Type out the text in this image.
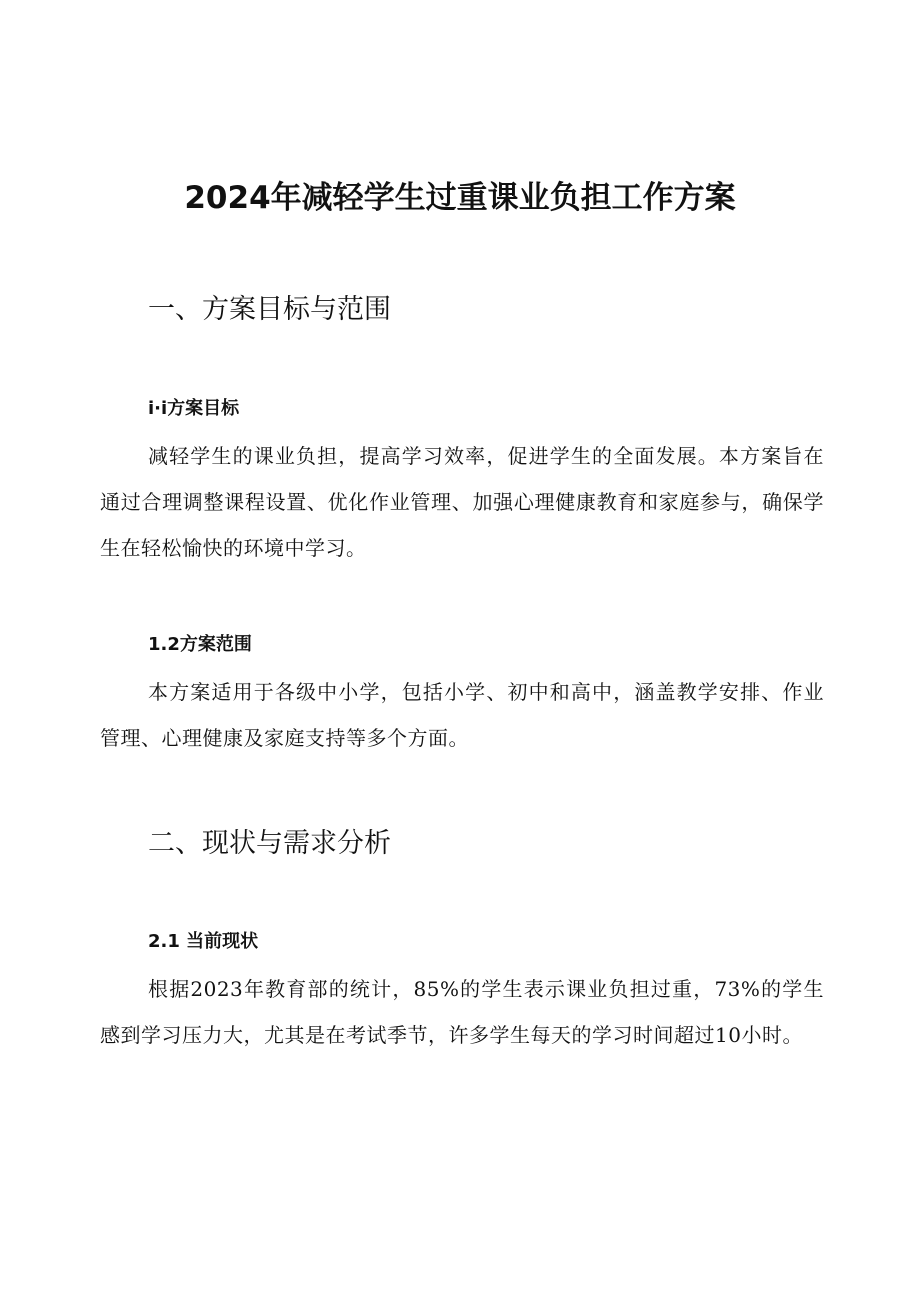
2024年减轻学生过重课业负担工作方案
一、方案目标与范围
i·i方案目标
减轻学生的课业负担，提高学习效率，促进学生的全面发展。本方案旨在通过合理调整课程设置、优化作业管理、加强心理健康教育和家庭参与，确保学生在轻松愉快的环境中学习。
1.2方案范围
本方案适用于各级中小学，包括小学、初中和高中，涵盖教学安排、作业管理、心理健康及家庭支持等多个方面。
二、现状与需求分析
2.1 当前现状
根据2023年教育部的统计，85%的学生表示课业负担过重，73%的学生感到学习压力大，尤其是在考试季节，许多学生每天的学习时间超过10小时。
